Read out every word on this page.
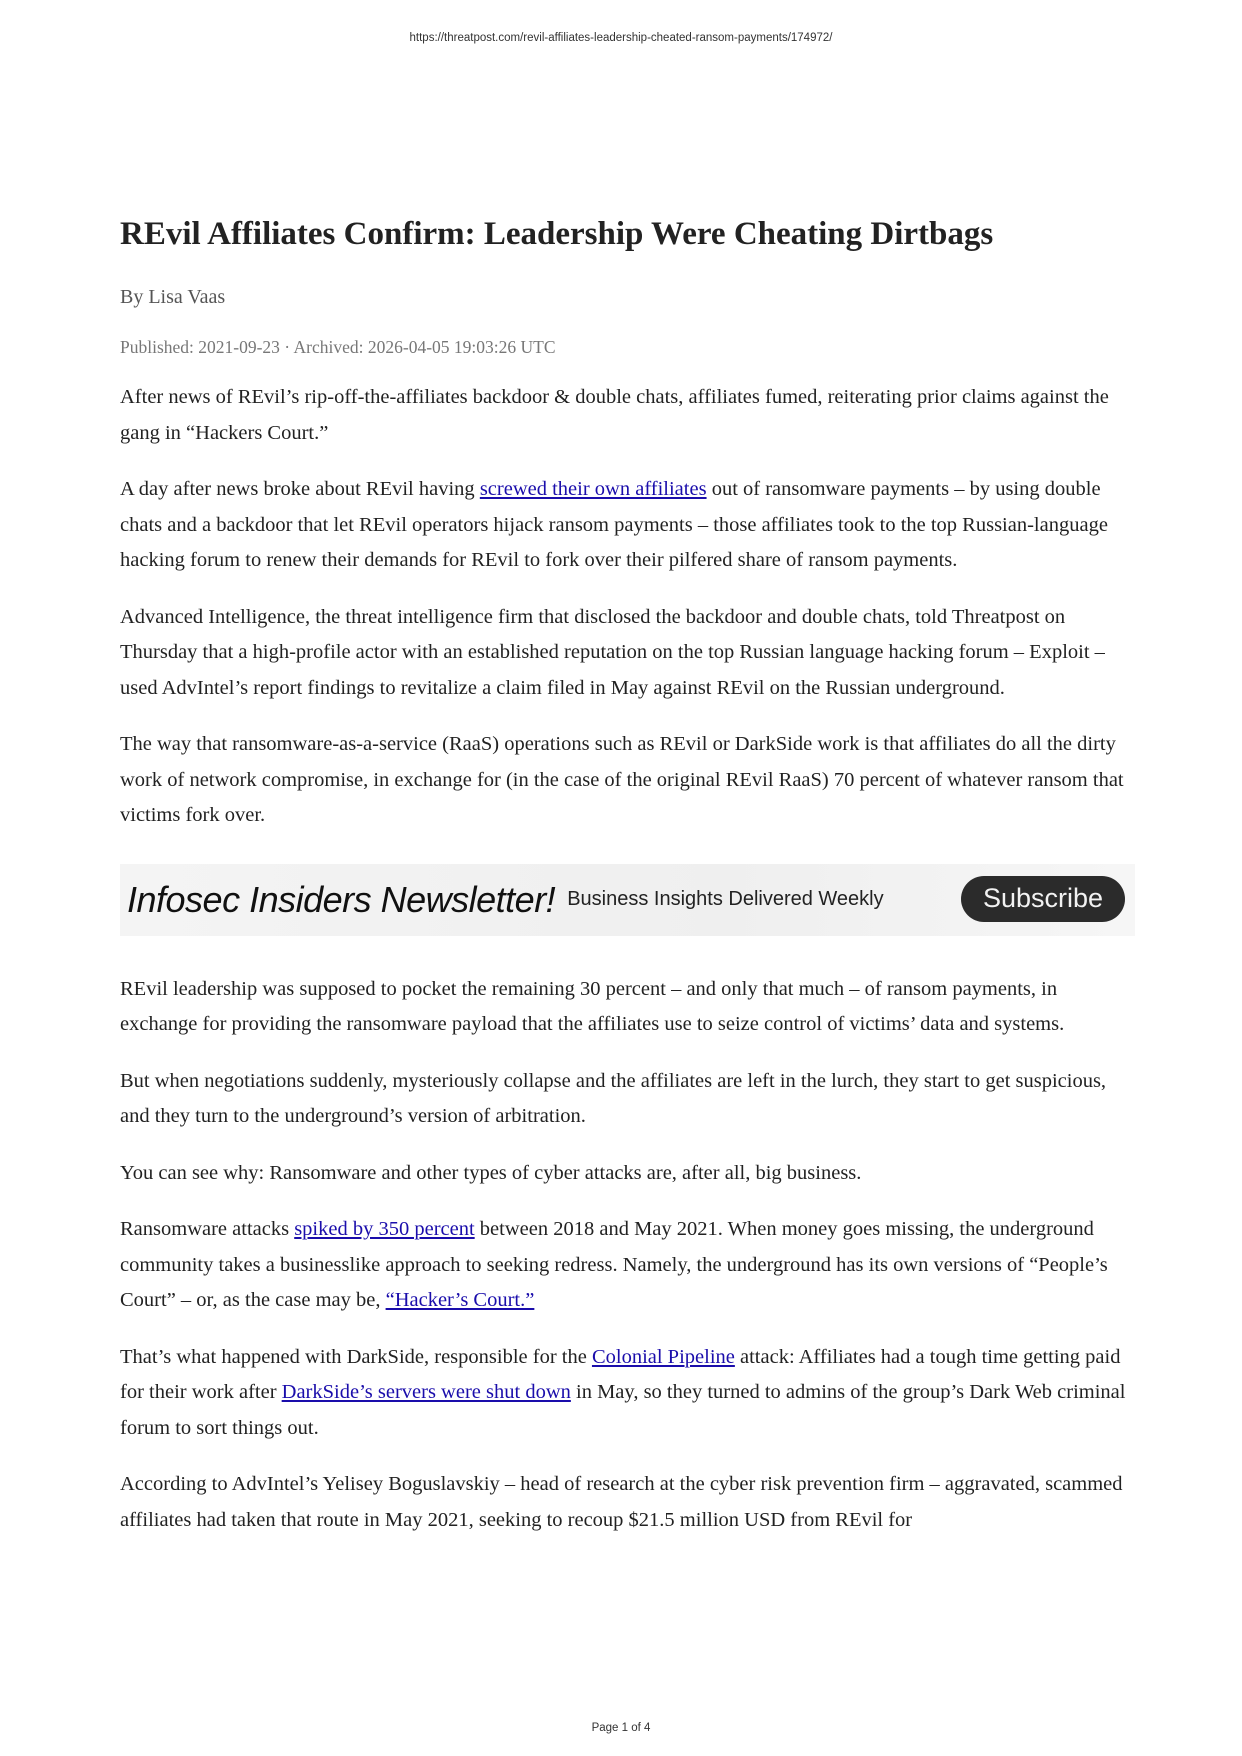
https://threatpost.com/revil-affiliates-leadership-cheated-ransom-payments/174972/
REvil Affiliates Confirm: Leadership Were Cheating Dirtbags
By Lisa Vaas
Published: 2021-09-23 · Archived: 2026-04-05 19:03:26 UTC

After news of REvil’s rip-off-the-affiliates backdoor & double chats, affiliates fumed, reiterating prior claims against the gang in “Hackers Court.”

A day after news broke about REvil having screwed their own affiliates out of ransomware payments – by using double chats and a backdoor that let REvil operators hijack ransom payments – those affiliates took to the top Russian-language hacking forum to renew their demands for REvil to fork over their pilfered share of ransom payments.

Advanced Intelligence, the threat intelligence firm that disclosed the backdoor and double chats, told Threatpost on Thursday that a high-profile actor with an established reputation on the top Russian language hacking forum – Exploit – used AdvIntel’s report findings to revitalize a claim filed in May against REvil on the Russian underground.

The way that ransomware-as-a-service (RaaS) operations such as REvil or DarkSide work is that affiliates do all the dirty work of network compromise, in exchange for (in the case of the original REvil RaaS) 70 percent of whatever ransom that victims fork over.

Infosec Insiders Newsletter! Business Insights Delivered Weekly	Subscribe

REvil leadership was supposed to pocket the remaining 30 percent – and only that much – of ransom payments, in exchange for providing the ransomware payload that the affiliates use to seize control of victims’ data and systems.

But when negotiations suddenly, mysteriously collapse and the affiliates are left in the lurch, they start to get suspicious, and they turn to the underground’s version of arbitration.

You can see why: Ransomware and other types of cyber attacks are, after all, big business.

Ransomware attacks spiked by 350 percent between 2018 and May 2021. When money goes missing, the underground community takes a businesslike approach to seeking redress. Namely, the underground has its own versions of “People’s Court” – or, as the case may be, “Hacker’s Court.”

That’s what happened with DarkSide, responsible for the Colonial Pipeline attack: Affiliates had a tough time getting paid for their work after DarkSide’s servers were shut down in May, so they turned to admins of the group’s Dark Web criminal forum to sort things out.

According to AdvIntel’s Yelisey Boguslavskiy – head of research at the cyber risk prevention firm – aggravated, scammed affiliates had taken that route in May 2021, seeking to recoup $21.5 million USD from REvil for

Page 1 of 4
